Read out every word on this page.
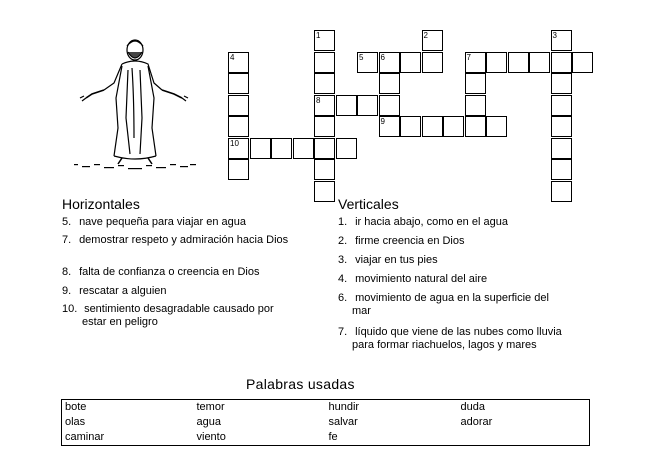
1
8
2	3
4
10
5 6
9
7
Horizontales
5. nave pequeña para viajar en agua
7. demostrar respeto y admiración hacia Dios
8. falta de confianza o creencia en Dios
9. rescatar a alguien
10. sentimiento desagradable causado por
estar en peligro
Verticales
1. ir hacia abajo, como en el agua
2. firme creencia en Dios
3. viajar en tus pies
4. movimiento natural del aire
6. movimiento de agua en la superficie del
mar
7. líquido que viene de las nubes como lluvia
para formar riachuelos, lagos y mares
Palabras usadas
bote	temor	hundir	duda
olas	agua	salvar	adorar
caminar	viento	fe	
